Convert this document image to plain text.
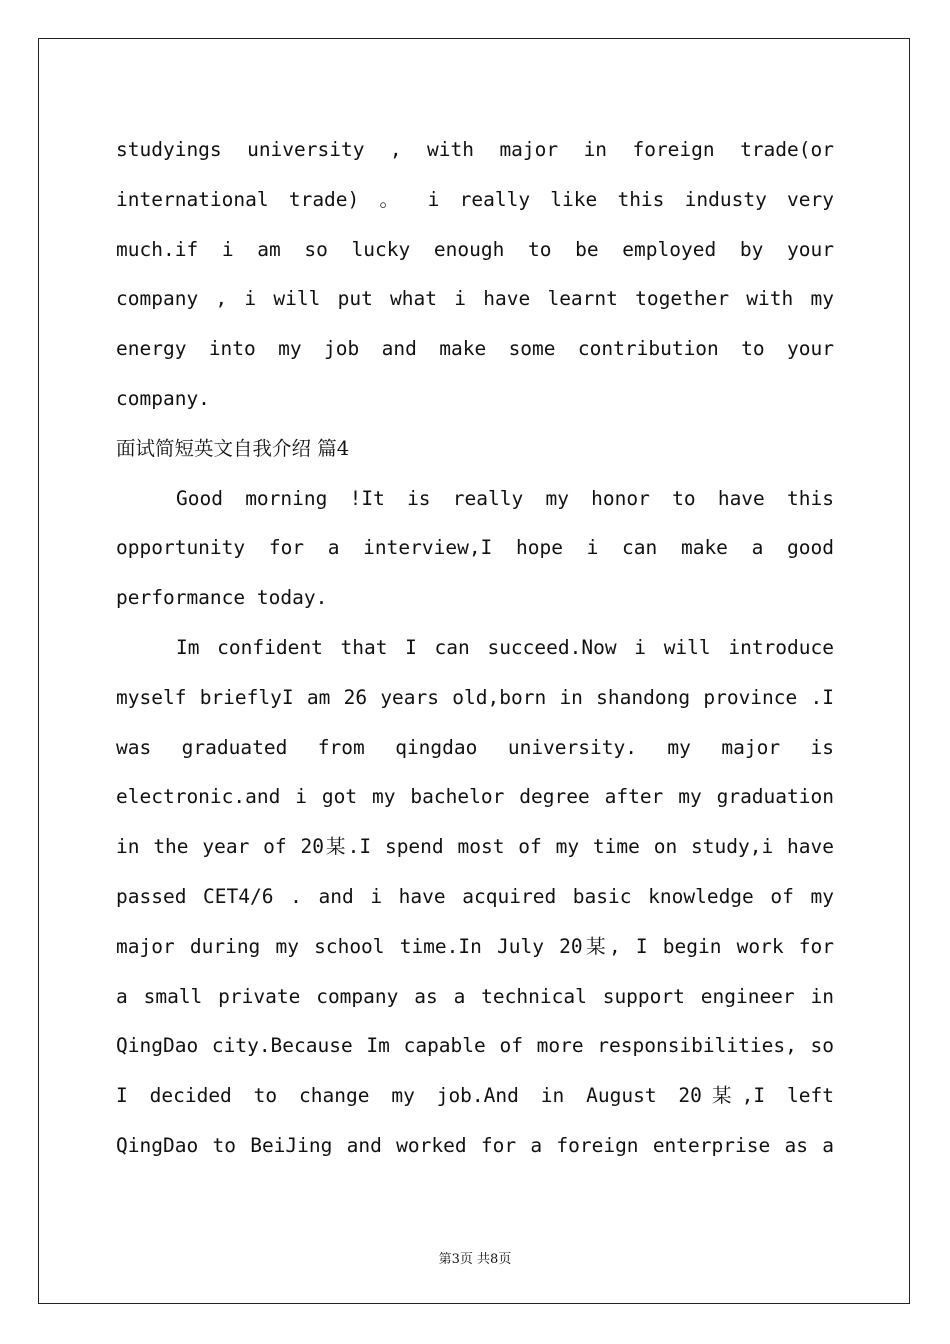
studyings university , with major in foreign trade(or
international trade) 。 i really like this industy very
much.if i am so lucky enough to be employed by your
company , i will put what i have learnt together with my
energy into my job and make some contribution to your
company.
面试简短英文自我介绍 篇4
Good morning !It is really my honor to have this
opportunity for a interview,I hope i can make a good
performance today.
Im confident that I can succeed.Now i will introduce
myself brieflyI am 26 years old,born in shandong province .I
was graduated from qingdao university. my major is
electronic.and i got my bachelor degree after my graduation
in the year of 20某.I spend most of my time on study,i have
passed CET4/6 . and i have acquired basic knowledge of my
major during my school time.In July 20某, I begin work for
a small private company as a technical support engineer in
QingDao city.Because Im capable of more responsibilities, so
I decided to change my job.And in August 20某,I left
QingDao to BeiJing and worked for a foreign enterprise as a
第3页 共8页
